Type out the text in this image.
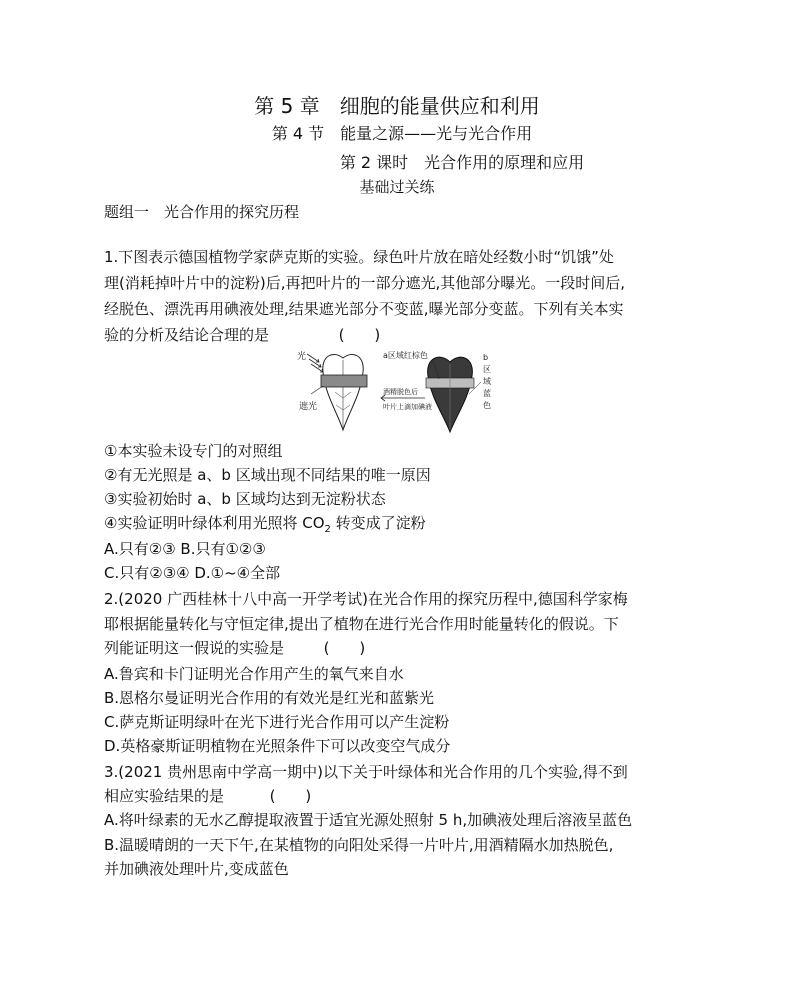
第 5 章　细胞的能量供应和利用
第 4 节　能量之源——光与光合作用
第 2 课时　光合作用的原理和应用
基础过关练
题组一　光合作用的探究历程
1.下图表示德国植物学家萨克斯的实验。绿色叶片放在暗处经数小时“饥饿”处
理(消耗掉叶片中的淀粉)后,再把叶片的一部分遮光,其他部分曝光。一段时间后,
经脱色、漂洗再用碘液处理,结果遮光部分不变蓝,曝光部分变蓝。下列有关本实
验的分析及结论合理的是	(　　)
光
遮光
酒精脱色后
叶片上滴加碘液
a区域红棕色	b
区
域
蓝
色
①本实验未设专门的对照组
②有无光照是 a、b 区域出现不同结果的唯一原因
③实验初始时 a、b 区域均达到无淀粉状态
④实验证明叶绿体利用光照将 $CO_2$ 转变成了淀粉
A.只有②③ B.只有①②③
C.只有②③④ D.①~④全部
2.(2020 广西桂林十八中高一开学考试)在光合作用的探究历程中,德国科学家梅
耶根据能量转化与守恒定律,提出了植物在进行光合作用时能量转化的假说。下
列能证明这一假说的实验是	(　　)
A.鲁宾和卡门证明光合作用产生的氧气来自水
B.恩格尔曼证明光合作用的有效光是红光和蓝紫光
C.萨克斯证明绿叶在光下进行光合作用可以产生淀粉
D.英格豪斯证明植物在光照条件下可以改变空气成分
3.(2021 贵州思南中学高一期中)以下关于叶绿体和光合作用的几个实验,得不到
相应实验结果的是	(　　)
A.将叶绿素的无水乙醇提取液置于适宜光源处照射 5 h,加碘液处理后溶液呈蓝色
B.温暖晴朗的一天下午,在某植物的向阳处采得一片叶片,用酒精隔水加热脱色,
并加碘液处理叶片,变成蓝色
